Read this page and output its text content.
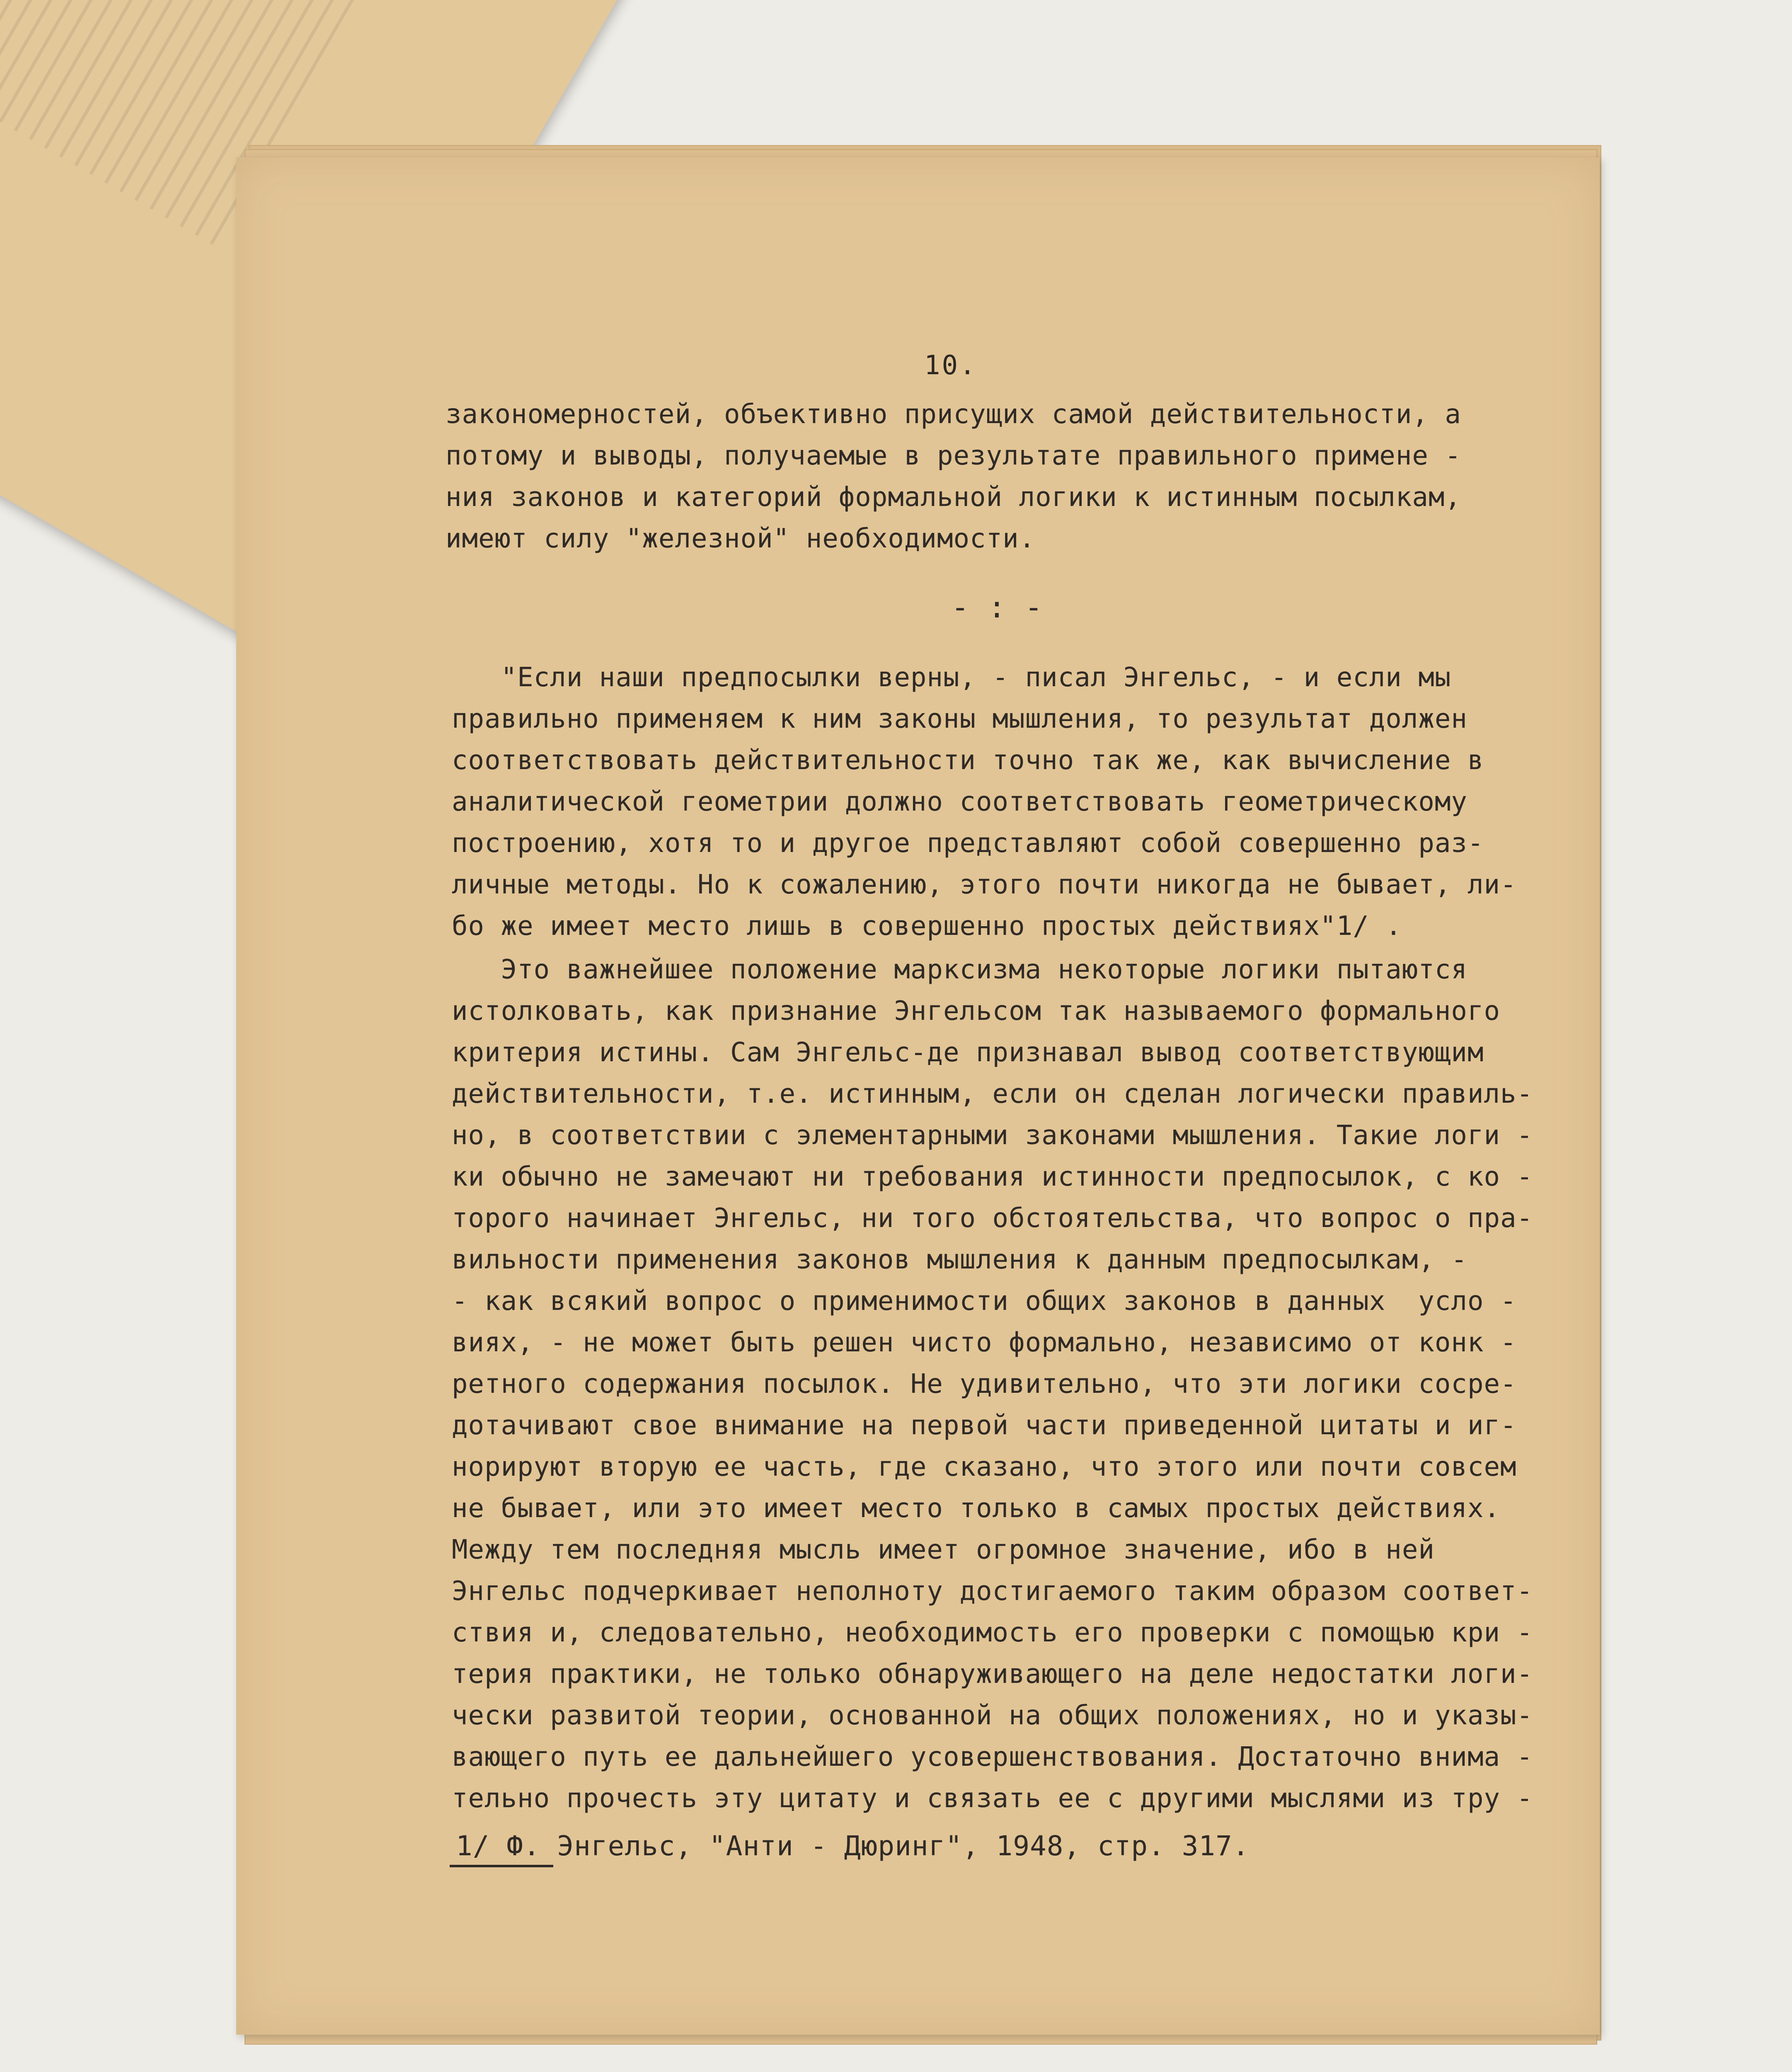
10.

закономерностей, объективно присущих самой действительности, а
потому и выводы, получаемые в результате правильного примене -
ния законов и категорий формальной логики к истинным посылкам,
имеют силу "железной" необходимости.

- : -

"Если наши предпосылки верны, - писал Энгельс, - и если мы
правильно применяем к ним законы мышления, то результат должен
соответствовать действительности точно так же, как вычисление в
аналитической геометрии должно соответствовать геометрическому
построению, хотя то и другое представляют собой совершенно раз-
личные методы. Но к сожалению, этого почти никогда не бывает, ли-
бо же имеет место лишь в совершенно простых действиях"1/ .

Это важнейшее положение марксизма некоторые логики пытаются
истолковать, как признание Энгельсом так называемого формального
критерия истины. Сам Энгельс-де признавал вывод соответствующим
действительности, т.е. истинным, если он сделан логически правиль-
но, в соответствии с элементарными законами мышления. Такие логи -
ки обычно не замечают ни требования истинности предпосылок, с ко -
торого начинает Энгельс, ни того обстоятельства, что вопрос о пра-
вильности применения законов мышления к данным предпосылкам, -
- как всякий вопрос о применимости общих законов в данных  усло -
виях, - не может быть решен чисто формально, независимо от конк -
ретного содержания посылок. Не удивительно, что эти логики сосре-
дотачивают свое внимание на первой части приведенной цитаты и иг-
норируют вторую ее часть, где сказано, что этого или почти совсем
не бывает, или это имеет место только в самых простых действиях.
Между тем последняя мысль имеет огромное значение, ибо в ней
Энгельс подчеркивает неполноту достигаемого таким образом соответ-
ствия и, следовательно, необходимость его проверки с помощью кри -
терия практики, не только обнаруживающего на деле недостатки логи-
чески развитой теории, основанной на общих положениях, но и указы-
вающего путь ее дальнейшего усовершенствования. Достаточно внима -
тельно прочесть эту цитату и связать ее с другими мыслями из тру -

1/ Ф. Энгельс, "Анти - Дюринг", 1948, стр. 317.
